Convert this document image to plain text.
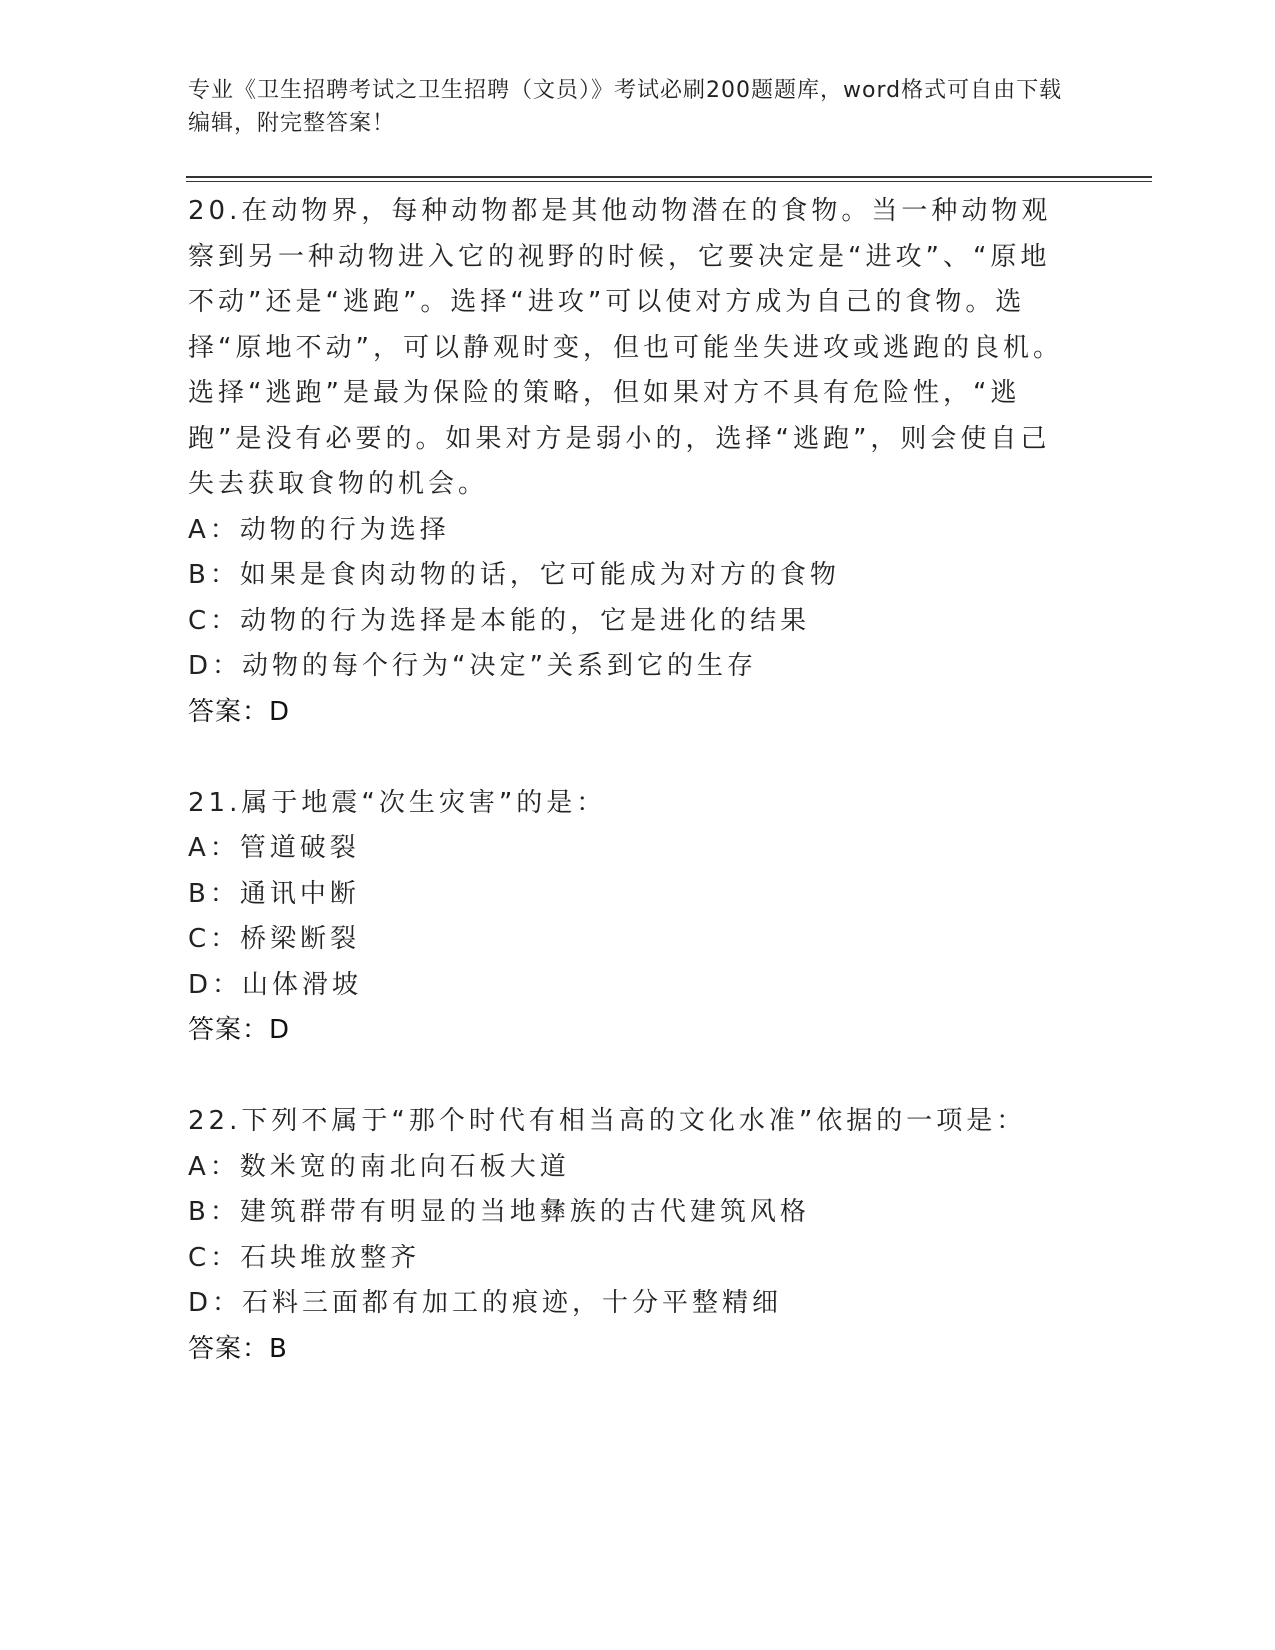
专业《卫生招聘考试之卫生招聘（文员）》考试必刷200题题库，word格式可自由下载编辑，附完整答案！

20.在动物界，每种动物都是其他动物潜在的食物。当一种动物观察到另一种动物进入它的视野的时候，它要决定是“进攻”、“原地不动”还是“逃跑”。选择“进攻”可以使对方成为自己的食物。选择“原地不动”，可以静观时变，但也可能坐失进攻或逃跑的良机。选择“逃跑”是最为保险的策略，但如果对方不具有危险性，“逃跑”是没有必要的。如果对方是弱小的，选择“逃跑”，则会使自己失去获取食物的机会。

A：动物的行为选择

B：如果是食肉动物的话，它可能成为对方的食物

C：动物的行为选择是本能的，它是进化的结果

D：动物的每个行为“决定”关系到它的生存

答案：D

21.属于地震“次生灾害”的是：

A：管道破裂

B：通讯中断

C：桥梁断裂

D：山体滑坡

答案：D

22.下列不属于“那个时代有相当高的文化水准”依据的一项是：

A：数米宽的南北向石板大道

B：建筑群带有明显的当地彝族的古代建筑风格

C：石块堆放整齐

D：石料三面都有加工的痕迹，十分平整精细

答案：B
